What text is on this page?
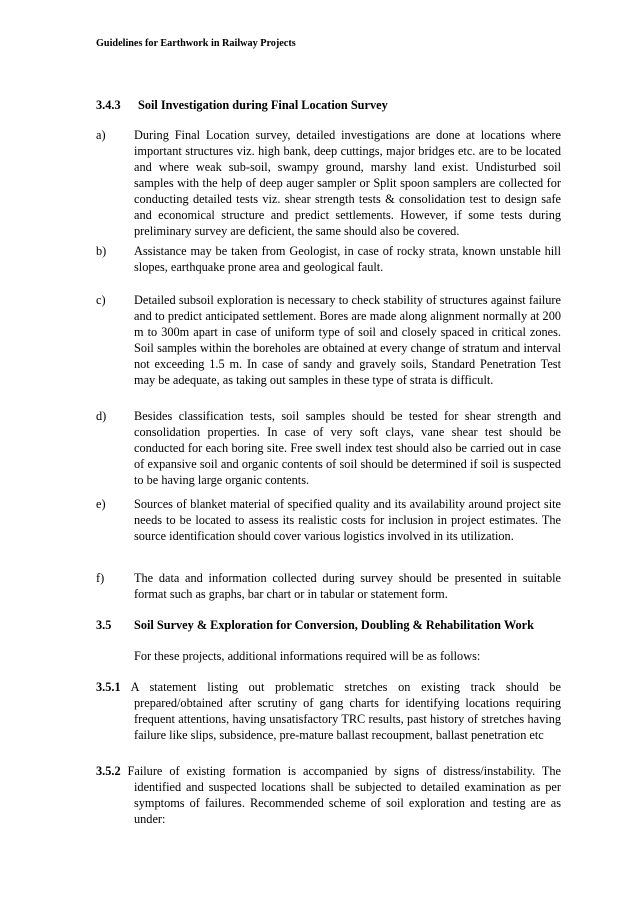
Guidelines for Earthwork in Railway Projects
3.4.3 Soil Investigation during Final Location Survey
a) During Final Location survey, detailed investigations are done at locations where important structures viz. high bank, deep cuttings, major bridges etc. are to be located and where weak sub-soil, swampy ground, marshy land exist. Undisturbed soil samples with the help of deep auger sampler or Split spoon samplers are collected for conducting detailed tests viz. shear strength tests & consolidation test to design safe and economical structure and predict settlements. However, if some tests during preliminary survey are deficient, the same should also be covered.
b) Assistance may be taken from Geologist, in case of rocky strata, known unstable hill slopes, earthquake prone area and geological fault.
c) Detailed subsoil exploration is necessary to check stability of structures against failure and to predict anticipated settlement. Bores are made along alignment normally at 200 m to 300m apart in case of uniform type of soil and closely spaced in critical zones. Soil samples within the boreholes are obtained at every change of stratum and interval not exceeding 1.5 m. In case of sandy and gravely soils, Standard Penetration Test may be adequate, as taking out samples in these type of strata is difficult.
d) Besides classification tests, soil samples should be tested for shear strength and consolidation properties. In case of very soft clays, vane shear test should be conducted for each boring site. Free swell index test should also be carried out in case of expansive soil and organic contents of soil should be determined if soil is suspected to be having large organic contents.
e) Sources of blanket material of specified quality and its availability around project site needs to be located to assess its realistic costs for inclusion in project estimates. The source identification should cover various logistics involved in its utilization.
f) The data and information collected during survey should be presented in suitable format such as graphs, bar chart or in tabular or statement form.
3.5 Soil Survey & Exploration for Conversion, Doubling & Rehabilitation Work
For these projects, additional informations required will be as follows:
3.5.1 A statement listing out problematic stretches on existing track should be
prepared/obtained after scrutiny of gang charts for identifying locations requiring frequent attentions, having unsatisfactory TRC results, past history of stretches having failure like slips, subsidence, pre-mature ballast recoupment, ballast penetration etc
3.5.2 Failure of existing formation is accompanied by signs of distress/instability. The
identified and suspected locations shall be subjected to detailed examination as per symptoms of failures. Recommended scheme of soil exploration and testing are as under:
